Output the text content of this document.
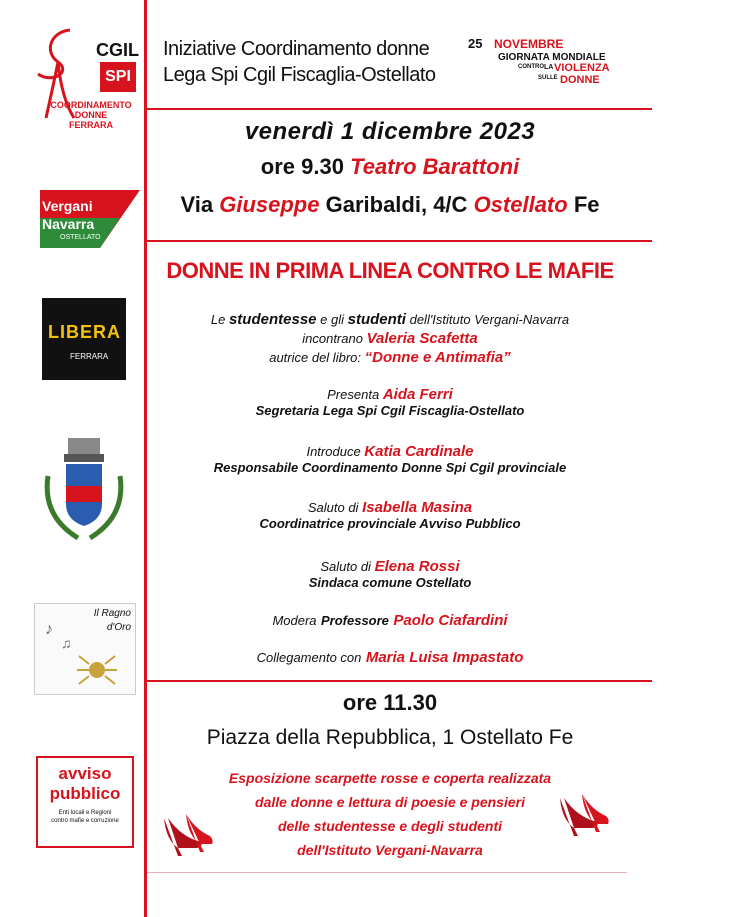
CGIL
SPI
COORDINAMENTO
DONNE
FERRARA
Iniziative Coordinamento donne
Lega Spi Cgil Fiscaglia-Ostellato
25 NOVEMBRE
GIORNATA MONDIALE
CONTRO LA VIOLENZA
SULLE DONNE
venerdì 1 dicembre 2023
ore 9.30 Teatro Barattoni
Via Giuseppe Garibaldi, 4/C Ostellato Fe
Vergani
Navarra
OSTELLATO
DONNE IN PRIMA LINEA CONTRO LE MAFIE
LIBERA
FERRARA
Le studentesse e gli studenti dell'Istituto Vergani-Navarra
incontrano Valeria Scafetta
autrice del libro: “Donne e Antimafia”
Presenta Aida Ferri
Segretaria Lega Spi Cgil Fiscaglia-Ostellato
Introduce Katia Cardinale
Responsabile Coordinamento Donne Spi Cgil provinciale
Saluto di Isabella Masina
Coordinatrice provinciale Avviso Pubblico
Saluto di Elena Rossi
Sindaca comune Ostellato
Modera Professore Paolo Ciafardini
Collegamento con Maria Luisa Impastato
Il Ragno
d'Oro
♪
♫
ore 11.30
Piazza della Repubblica, 1 Ostellato Fe
Esposizione scarpette rosse e coperta realizzata
dalle donne e lettura di poesie e pensieri
delle studentesse e degli studenti
dell'Istituto Vergani-Navarra
avviso
pubblico
Enti locali e Regioni
contro mafie e corruzione
